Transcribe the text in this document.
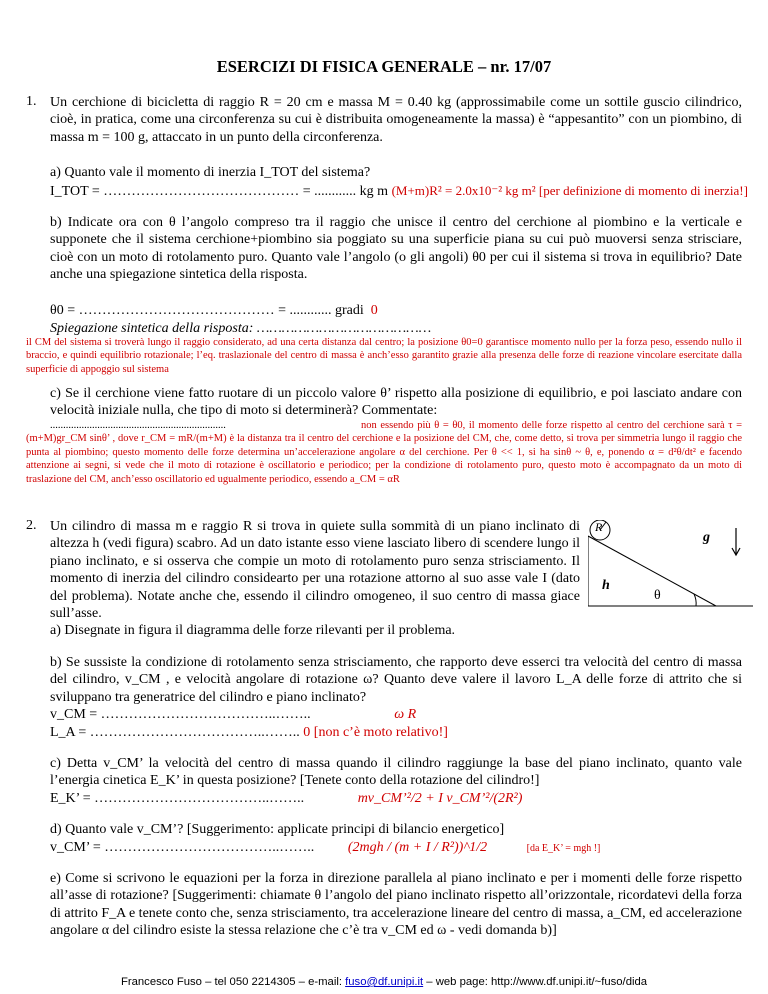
ESERCIZI DI FISICA GENERALE – nr. 17/07
1. Un cerchione di bicicletta di raggio R = 20 cm e massa M = 0.40 kg (approssimabile come un sottile guscio cilindrico, cioè, in pratica, come una circonferenza su cui è distribuita omogeneamente la massa) è “appesantito” con un piombino, di massa m = 100 g, attaccato in un punto della circonferenza.
a) Quanto vale il momento di inerzia I_TOT del sistema?
I_TOT = …………………………………… = ............ kg m (M+m)R² = 2.0x10⁻² kg m² [per definizione di momento di inerzia!]
b) Indicate ora con θ l’angolo compreso tra il raggio che unisce il centro del cerchione al piombino e la verticale e supponete che il sistema cerchione+piombino sia poggiato su una superficie piana su cui può muoversi senza strisciare, cioè con un moto di rotolamento puro. Quanto vale l’angolo (o gli angoli) θ0 per cui il sistema si trova in equilibrio? Date anche una spiegazione sintetica della risposta.
θ0 = …………………………………… = ............ gradi 0
Spiegazione sintetica della risposta: ……………………………………
il CM del sistema si troverà lungo il raggio considerato, ad una certa distanza dal centro; la posizione θ0=0 garantisce momento nullo per la forza peso, essendo nullo il braccio, e quindi equilibrio rotazionale; l’eq. traslazionale del centro di massa è anch’esso garantito grazie alla presenza delle forze di reazione vincolare esercitate dalla superficie di appoggio sul sistema
c) Se il cerchione viene fatto ruotare di un piccolo valore θ’ rispetto alla posizione di equilibrio, e poi lasciato andare con velocità iniziale nulla, che tipo di moto si determinerà? Commentate:
...................................................................	non essendo più θ = θ0, il momento delle forze rispetto al centro del cerchione sarà τ = (m+M)gr_CM sinθ’ , dove r_CM = mR/(m+M) è la distanza tra il centro del cerchione e la posizione del CM, che, come detto, si trova per simmetria lungo il raggio che punta al piombino; questo momento delle forze determina un’accelerazione angolare α del cerchione. Per θ << 1, si ha sinθ ~ θ, e, ponendo α = d²θ/dt² e facendo attenzione ai segni, si vede che il moto di rotazione è oscillatorio e periodico; per la condizione di rotolamento puro, questo moto è accompagnato da un moto di traslazione del CM, anch’esso oscillatorio ed ugualmente periodico, essendo a_CM = αR
2. Un cilindro di massa m e raggio R si trova in quiete sulla sommità di un piano inclinato di altezza h (vedi figura) scabro. Ad un dato istante esso viene lasciato libero di scendere lungo il piano inclinato, e si osserva che compie un moto di rotolamento puro senza strisciamento. Il momento di inerzia del cilindro considearto per una rotazione attorno al suo asse vale I (dato del problema). Notate anche che, essendo il cilindro omogeneo, il suo centro di massa giace sull’asse.
a) Disegnate in figura il diagramma delle forze rilevanti per il problema.
R
g
h
θ
b) Se sussiste la condizione di rotolamento senza strisciamento, che rapporto deve esserci tra velocità del centro di massa del cilindro, v_CM , e velocità angolare di rotazione ω? Quanto deve valere il lavoro L_A delle forze di attrito che si sviluppano tra generatrice del cilindro e piano inclinato?
v_CM = ………………………………..……..	ω R
L_A = ………………………………..…….. 0 [non c’è moto relativo!]
c) Detta v_CM’ la velocità del centro di massa quando il cilindro raggiunge la base del piano inclinato, quanto vale l’energia cinetica E_K’ in questa posizione? [Tenete conto della rotazione del cilindro!]
E_K’ = ………………………………..……..	mv_CM’²/2 + I v_CM’²/(2R²)
d) Quanto vale v_CM’? [Suggerimento: applicate principi di bilancio energetico]
v_CM’ = ………………………………..…….. (2mgh / (m + I / R²))^1/2	[da E_K’ = mgh !]
e) Come si scrivono le equazioni per la forza in direzione parallela al piano inclinato e per i momenti delle forze rispetto all’asse di rotazione? [Suggerimenti: chiamate θ l’angolo del piano inclinato rispetto all’orizzontale, ricordatevi della forza di attrito F_A e tenete conto che, senza strisciamento, tra accelerazione lineare del centro di massa, a_CM, ed accelerazione angolare α del cilindro esiste la stessa relazione che c’è tra v_CM ed ω - vedi domanda b)]
Francesco Fuso – tel 050 2214305 – e-mail: fuso@df.unipi.it – web page: http://www.df.unipi.it/~fuso/dida
